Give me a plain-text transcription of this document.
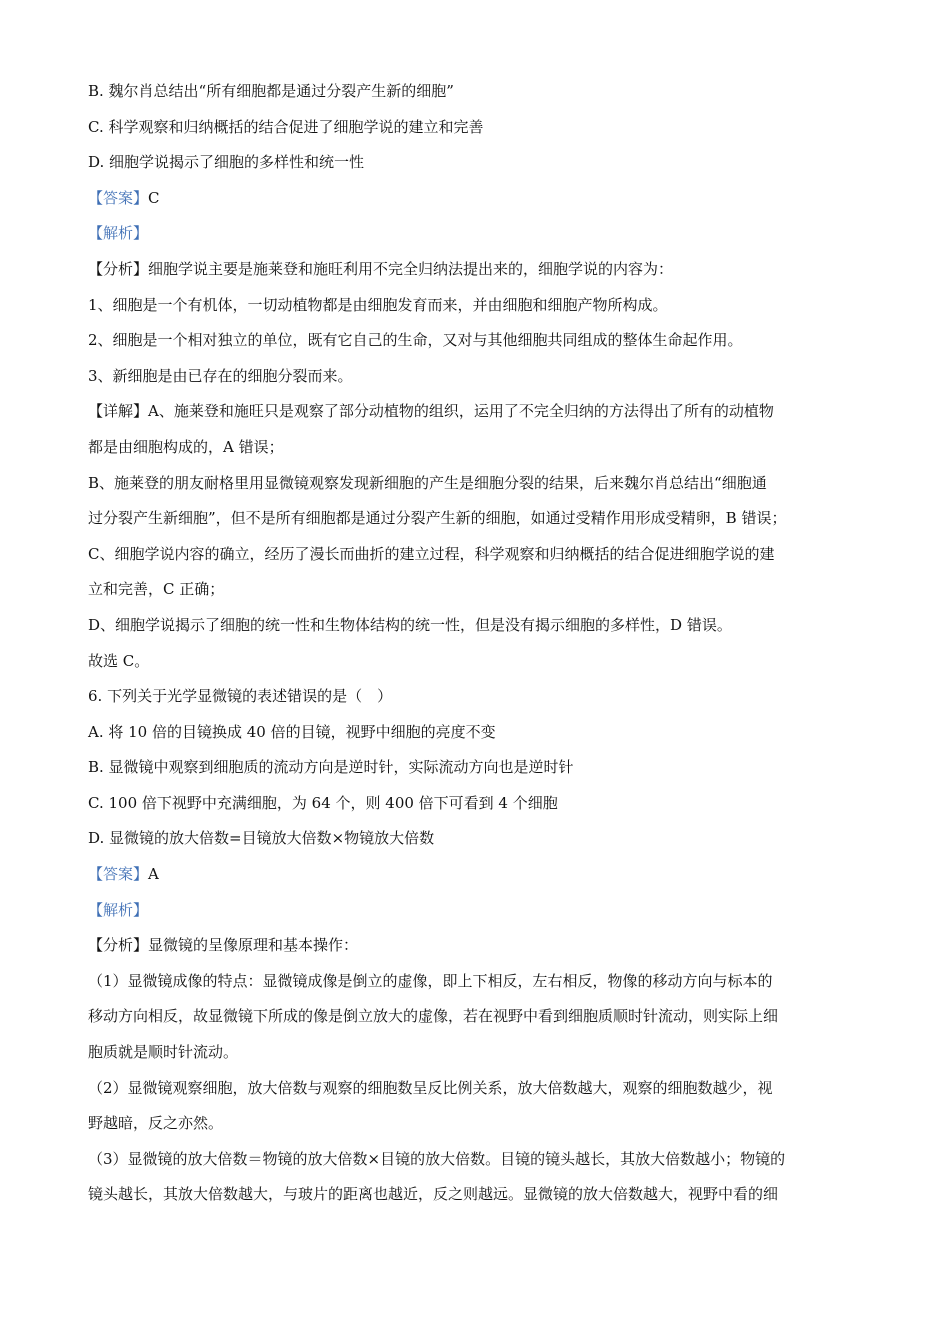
B. 魏尔肖总结出“所有细胞都是通过分裂产生新的细胞”
C. 科学观察和归纳概括的结合促进了细胞学说的建立和完善
D. 细胞学说揭示了细胞的多样性和统一性
【答案】C
【解析】
【分析】细胞学说主要是施莱登和施旺利用不完全归纳法提出来的，细胞学说的内容为：
1、细胞是一个有机体，一切动植物都是由细胞发育而来，并由细胞和细胞产物所构成。
2、细胞是一个相对独立的单位，既有它自己的生命，又对与其他细胞共同组成的整体生命起作用。
3、新细胞是由已存在的细胞分裂而来。
【详解】A、施莱登和施旺只是观察了部分动植物的组织，运用了不完全归纳的方法得出了所有的动植物
都是由细胞构成的，A 错误；
B、施莱登的朋友耐格里用显微镜观察发现新细胞的产生是细胞分裂的结果，后来魏尔肖总结出“细胞通
过分裂产生新细胞”，但不是所有细胞都是通过分裂产生新的细胞，如通过受精作用形成受精卵，B 错误；
C、细胞学说内容的确立，经历了漫长而曲折的建立过程，科学观察和归纳概括的结合促进细胞学说的建
立和完善，C 正确；
D、细胞学说揭示了细胞的统一性和生物体结构的统一性，但是没有揭示细胞的多样性，D 错误。
故选 C。
6. 下列关于光学显微镜的表述错误的是（　）
A. 将 10 倍的目镜换成 40 倍的目镜，视野中细胞的亮度不变
B. 显微镜中观察到细胞质的流动方向是逆时针，实际流动方向也是逆时针
C. 100 倍下视野中充满细胞，为 64 个，则 400 倍下可看到 4 个细胞
D. 显微镜的放大倍数=目镜放大倍数×物镜放大倍数
【答案】A
【解析】
【分析】显微镜的呈像原理和基本操作：
（1）显微镜成像的特点：显微镜成像是倒立的虚像，即上下相反，左右相反，物像的移动方向与标本的
移动方向相反，故显微镜下所成的像是倒立放大的虚像，若在视野中看到细胞质顺时针流动，则实际上细
胞质就是顺时针流动。
（2）显微镜观察细胞，放大倍数与观察的细胞数呈反比例关系，放大倍数越大，观察的细胞数越少，视
野越暗，反之亦然。
（3）显微镜的放大倍数＝物镜的放大倍数×目镜的放大倍数。目镜的镜头越长，其放大倍数越小；物镜的
镜头越长，其放大倍数越大，与玻片的距离也越近，反之则越远。显微镜的放大倍数越大，视野中看的细
